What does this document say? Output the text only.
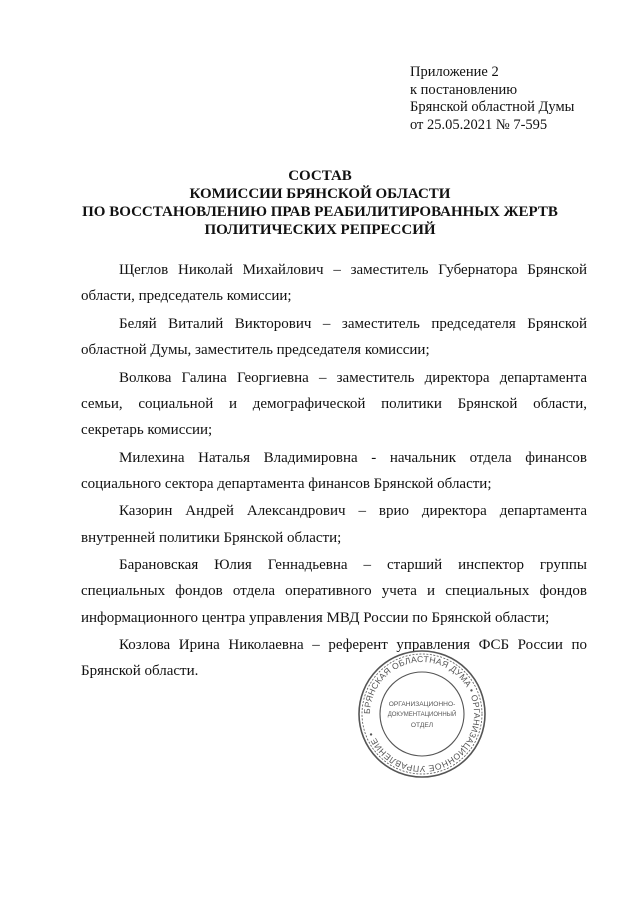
Приложение 2
к постановлению
Брянской областной Думы
от 25.05.2021 № 7-595
СОСТАВ
КОМИССИИ БРЯНСКОЙ ОБЛАСТИ
ПО ВОССТАНОВЛЕНИЮ ПРАВ РЕАБИЛИТИРОВАННЫХ ЖЕРТВ
ПОЛИТИЧЕСКИХ РЕПРЕССИЙ
Щеглов Николай Михайлович – заместитель Губернатора Брянской
области, председатель комиссии;
Беляй Виталий Викторович – заместитель председателя Брянской
областной Думы, заместитель председателя комиссии;
Волкова Галина Георгиевна – заместитель директора департамента
семьи, социальной и демографической политики Брянской области,
секретарь комиссии;
Милехина Наталья Владимировна - начальник отдела финансов
социального сектора департамента финансов Брянской области;
Казорин Андрей Александрович – врио директора департамента
внутренней политики Брянской области;
Барановская Юлия Геннадьевна – старший инспектор группы
специальных фондов отдела оперативного учета и специальных фондов
информационного центра управления МВД России по Брянской области;
Козлова Ирина Николаевна – референт управления ФСБ России по
Брянской области.
БРЯНСКАЯ ОБЛАСТНАЯ ДУМА • ОРГАНИЗАЦИОННОЕ УПРАВЛЕНИЕ •
ОРГАНИЗАЦИОННО-
ДОКУМЕНТАЦИОННЫЙ
ОТДЕЛ
